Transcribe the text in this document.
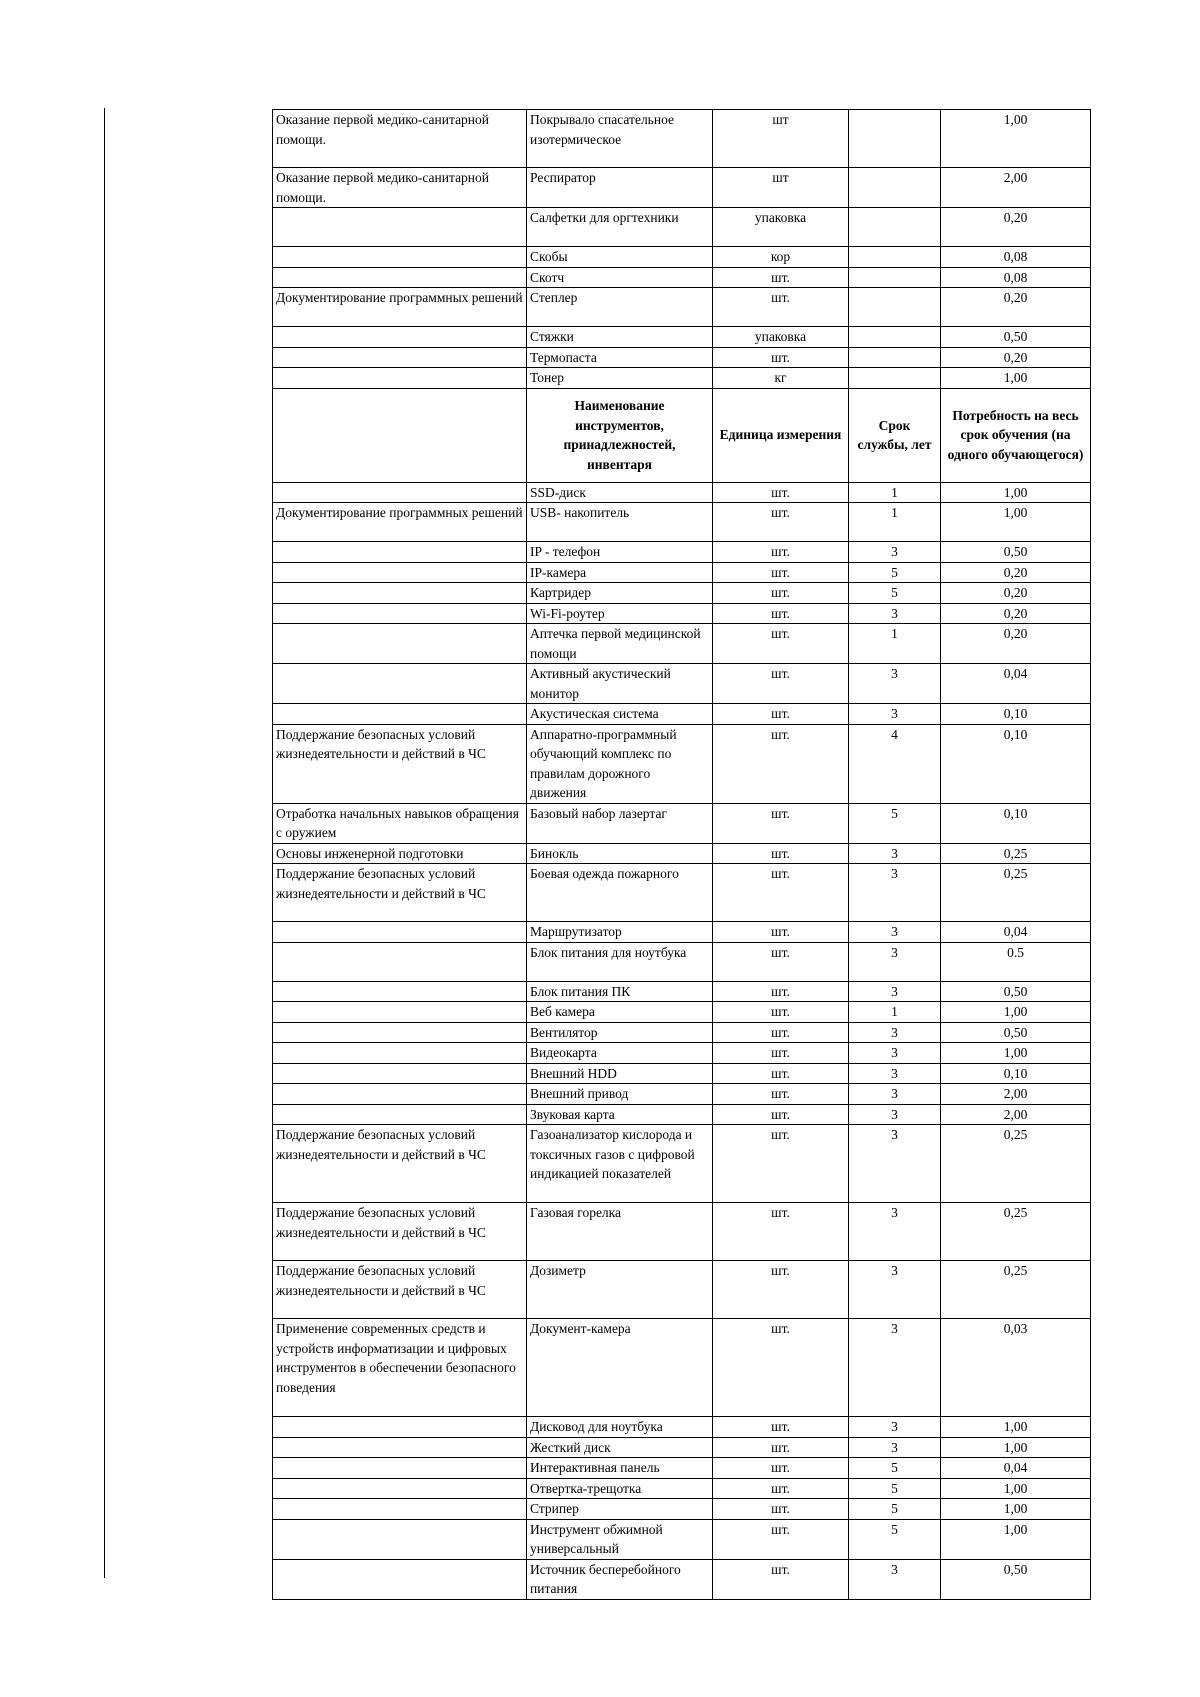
Оказание первой медико-санитарной помощи.	Покрывало спасательное изотермическое	шт		1,00
Оказание первой медико-санитарной помощи.	Респиратор	шт		2,00
	Салфетки для оргтехники	упаковка		0,20
	Скобы	кор		0,08
	Скотч	шт.		0,08
Документирование программных решений	Степлер	шт.		0,20
	Стяжки	упаковка		0,50
	Термопаста	шт.		0,20
	Тонер	кг		1,00
	Наименование инструментов, принадлежностей, инвентаря	Единица измерения	Срок службы, лет	Потребность на весь срок обучения (на одного обучающегося)
	SSD-диск	шт.	1	1,00
Документирование программных решений	USB- накопитель	шт.	1	1,00
	IP - телефон	шт.	3	0,50
	IP-камера	шт.	5	0,20
	Картридер	шт.	5	0,20
	Wi-Fi-роутер	шт.	3	0,20
	Аптечка первой медицинской помощи	шт.	1	0,20
	Активный акустический монитор	шт.	3	0,04
	Акустическая система	шт.	3	0,10
Поддержание безопасных условий жизнедеятельности и действий в ЧС	Аппаратно-программный обучающий комплекс по правилам дорожного движения	шт.	4	0,10
Отработка начальных навыков обращения с оружием	Базовый набор лазертаг	шт.	5	0,10
Основы инженерной подготовки	Бинокль	шт.	3	0,25
Поддержание безопасных условий жизнедеятельности и действий в ЧС	Боевая одежда пожарного	шт.	3	0,25
	Маршрутизатор	шт.	3	0,04
	Блок питания для ноутбука	шт.	3	0.5
	Блок питания ПК	шт.	3	0,50
	Веб камера	шт.	1	1,00
	Вентилятор	шт.	3	0,50
	Видеокарта	шт.	3	1,00
	Внешний HDD	шт.	3	0,10
	Внешний привод	шт.	3	2,00
	Звуковая карта	шт.	3	2,00
Поддержание безопасных условий жизнедеятельности и действий в ЧС	Газоанализатор кислорода и токсичных газов с цифровой индикацией показателей	шт.	3	0,25
Поддержание безопасных условий жизнедеятельности и действий в ЧС	Газовая горелка	шт.	3	0,25
Поддержание безопасных условий жизнедеятельности и действий в ЧС	Дозиметр	шт.	3	0,25
Применение современных средств и устройств информатизации и цифровых инструментов в обеспечении безопасного поведения	Документ-камера	шт.	3	0,03
	Дисковод для ноутбука	шт.	3	1,00
	Жесткий диск	шт.	3	1,00
	Интерактивная панель	шт.	5	0,04
	Отвертка-трещотка	шт.	5	1,00
	Стрипер	шт.	5	1,00
	Инструмент обжимной универсальный	шт.	5	1,00
	Источник бесперебойного питания	шт.	3	0,50
